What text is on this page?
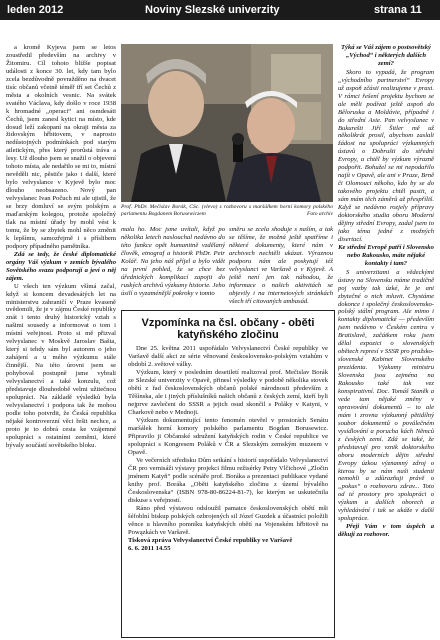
leden 2012	Noviny Slezské univerzity	strana 11

a kromě Kyjeva jsem se letos zoustředil především na archivy v Žitomiru. Cíl tohoto bližše popisat události z konce 30. let, kdy tam bylo zcela bezdůvodně povražděno na dvacet tisíc občanů včetně téměř tří set Čechů z města a okolních vesnic. Na svátek svatého Václava, kdy došlo v roce 1938 k hromadné „operaci“ ani osmdesáti Čechů, jsem zanesl kytici na místo, kde dosud leží zakopaní na okraji města za židovským hřbitovem, v naprosto nedůstojných podmínkách pod starým atletickým, přes který prorůstá tráva a lesy. Už dlouho jsem se snažil o objevení tohoto místa, ale nedařilo se mi to, místní nevěděli nic, pěstiče jako i další, které bylo velvyslance v Kyjevě bylo moc dlouho neobsazeno. Nový pan velvyslanec Ivan Počuch mi ale ujistil, že se brzy domluví se svým polským a maďarským kolegou, protože společný tlak na místní úřady by mohl vést k tomu, že by se zbytek mohl něco změnit k lepšímu, samozřejmě i s příslibem podpory případného pamětníka.

Zdá se tedy, že české diplomatické orgány Váš výzkum v zemích bývalého Sovětského svazu podporují a jeví o něj zájem.

U všech ten výzkum všímá začal, když si koncem devadesátých let na ministerstvu zahraničí v Praze kvaseně uvědomili, že je v zájmu České republiky znát i tento druhý historický vztah s našimi sousedy a informovat o tom i místní veřejnost. Proto si mě přizval velvyslanec v Moskvě Jaroslav Bašta, který si tehdy sám byl autorem o jeho zahájení a u mého výzkumu stále činnější. Na této úrovni jsem se pohyboval postupně jsme vybrali velvyslanectví a také konzulu, což představuje dlouhodobě velmi užitečnou spolupráci. Na základě výsledků byla velvyslanectví i podpora tak že mohou podle toho potvrdit, že Česká republika nějaké kontroverzní věci řešit nechce, a proto je to dobrá cesta ke vzájemné spolupráci s ostatními zeměmi, které bývaly součástí sovětského bloku.

Prof. PhDr. Mečislav Borák, CSc. (vlevo) s rozhovoru s maršálkem horní komory polského parlamentu Bogdanem Borusewiczem	Foto archiv

mala ho. Moc jsme uvítali, když po několika letech naslouchal nedávno do této funkce opět humanitně vzdělaný člověk, etnograf a historik PhDr. Petr Kolář. Na jeho náš příjel a bylo vidět na první pohled, že se chce bez úřednických komplikací zapojit do ruských archivů výzkumy historie. Jeho úsilí o vyzaménější pokroky v tomto

směru se zcela shoduje s naším, a tak se těšíme, že možná ještě spatříme i některé dokumenty, které nám v archivech nechtěli ukázat. Výraznou podporu nám ale poskytují též velvyslanci ve Varšavě a v Kyjevě. A ještě není jen tak náhodou, že informace o našich aktivitách se objevily i na internetových stránkách všech tří citovaných ambasád.

Vzpomínka na čsl. občany - oběti katyňského zločinu

Dne 25. května 2011 uspořádalo Velvyslanectví České republiky ve Varšavě další akci ze série věnované československo-polským vztahům v období 2. světové války.

Výzkum, který v posledním desetiletí realizoval prof. Mečislav Borák ze Slezské univerzity v Opavě, přinesl výsledky v podobě několika stovek obětí z řad československých občanů polské národnosti především z Těšínska, ale i jiných příslušníků našich občanů z českých zemí, kteří byli nejprve zavlečeni do SSSR a jejich osud skončil s Poláky v Katyni, v Charkově nebo v Mednoji.

Výzkum dokumentující tento fenomén otevřel v prostorách Senátu maršálek horní komory polského parlamentu Bogdan Borusewicz. Připravilo ji Občanské sdružení katyňských rodin v České republice ve spolupráci s Kongresem Poláků v ČR a Slezským zemským muzeem v Opavě.

Ve večerních středisku Dům setkání s historií uspořádalo Velvyslanectví ČR pro vernisáži výstavy projekci filmu režisérky Petry Vlčichové „Zločin jménem Katyň“ podle scénáře prof. Boráka a prezentaci publikace vydané knihy prof. Boráka „Oběti katyňského zločinu z území bývalého Československa“ (ISBN 978-80-86224-81-7), ke kterým se uskutečnila diskuse s veřejností.

Ráno před výstavou odsloužil pamatce československých obětí mši šéfoblní biskup polských ozbrojených sil Józef Guzdek a účastníci položili věnce u hlavního pomníku katyňských obětí na Vojenském hřbitově na Powązkách ve Varšavě.

Tisková zpráva Velvyslanectví České republiky ve Varšavě

6. 6. 2011 14.55

Týká se Váš zájem o postsovětský „Východ“ i některých dalších zemí?

Skoro to vypadá, že program „východního partnerství“ Evropy už aspoň zčásti realizujeme v praxi. V rámci řešení projektu bychom se ale měli podívat ještě aspoň do Běloruska a Moldávie, případně i do střední Asie. Pan velvyslanec v Bukurešti Jiří Šitler mě už několikrát prosil, abychom zaslali žádost na spolupráci výzkumných ústavů o Dobrušti do střední Evropy, a chtěl by výzkum výrazně podpořit. Bohužel se mi nepodařilo najít v Opavě, ale ani v Praze, Brně či Olomouci někoho, kdo by se do takového projektu chtěl pustit, a sám mám těch záměrů až přespříliš. Když se nedávno rozjely přípravy doktorského studia oboru Moderní dějiny střední Evropy, zadal jsem to jako téma jedné z možných disertací.

Ke střední Evropě patří i Slovensko nebo Rakousko, máte nějaké kontakty i tam?

S univerzitami a vědeckými ústavy na Slovensku máme tradičně poj vazby tak úzké, že je ani zbytečné o nich mluvit. Chystáme dokonce i společný československo-polský stální program. Ale mimo i kontakty diplomatické — především jsem nedávno v Českém centru v Bratislavě, začátkem roku jsem dělal expozici o slovenských obětech represí v SSSR pro pražsko-slovenské Kabinet Slovenského prezidenta. Výzkumy ministru Slovenska jsou zejména na Rakousko také tak vez konspirativní. Doc. Tomáš Staněk a vede tam nějaké změny v opravování dokumentů – to ale mám i zrovna výzkumný pětidílný soubor dokumentů o poválečném vysídlování a porucha kách Němců z českých zemí. Zdá se také, že představují pro vznik doktorského oboru moderních dějin střední Evropy úzkou významný zdroj o kterou by se nám naši studenti nemohli a zdůrazňuji právě o „pokus“ o rozhovoru zdrav... Toto od té prostory pro spolupráci o výzkum a dalších oborech a vyhledávání i tak se ukáže v další spolupráce.

Přeji Vám v tom úspěch a děkuji za rozhovor.
